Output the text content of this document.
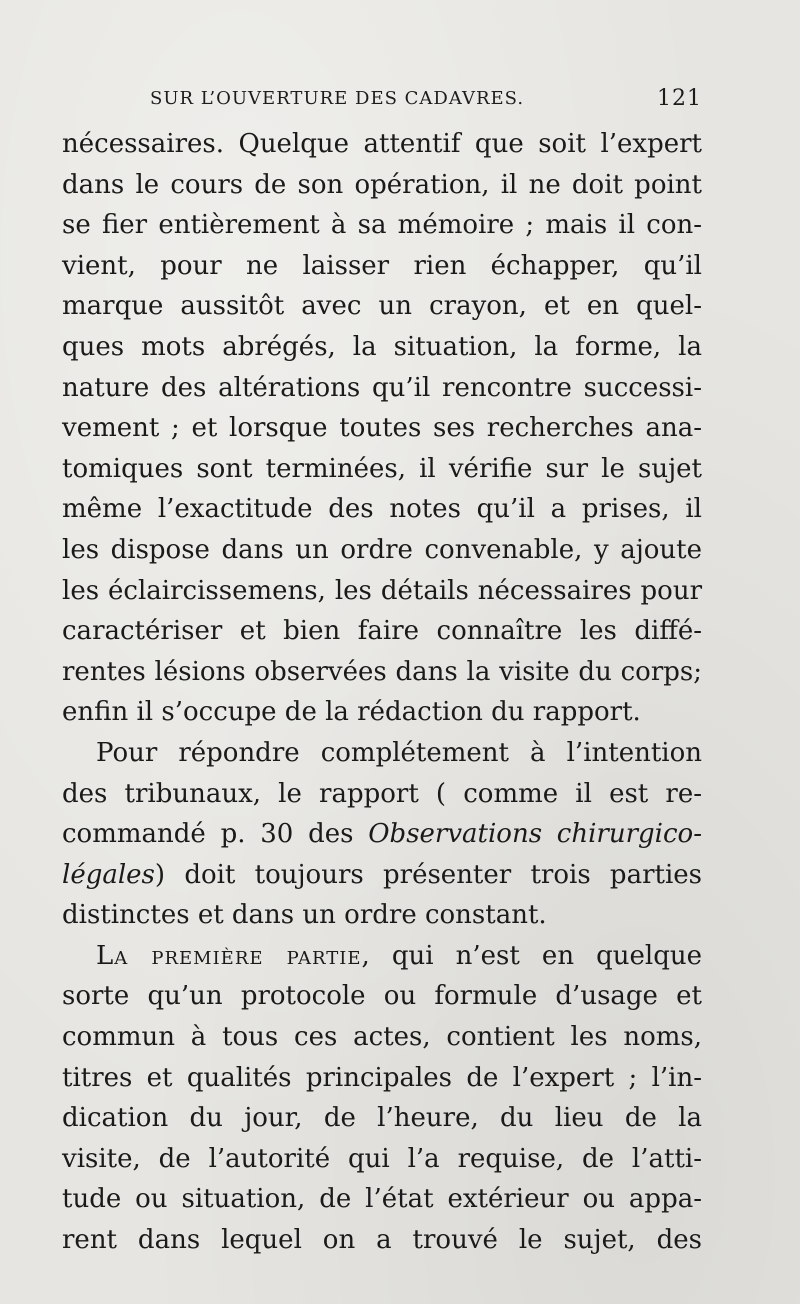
SUR L’OUVERTURE DES CADAVRES.	121
nécessaires. Quelque attentif que soit l’expert
dans le cours de son opération, il ne doit point
se fier entièrement à sa mémoire ; mais il con-
vient, pour ne laisser rien échapper, qu’il
marque aussitôt avec un crayon, et en quel-
ques mots abrégés, la situation, la forme, la
nature des altérations qu’il rencontre successi-
vement ; et lorsque toutes ses recherches ana-
tomiques sont terminées, il vérifie sur le sujet
même l’exactitude des notes qu’il a prises, il
les dispose dans un ordre convenable, y ajoute
les éclaircissemens, les détails nécessaires pour
caractériser et bien faire connaître les diffé-
rentes lésions observées dans la visite du corps;
enfin il s’occupe de la rédaction du rapport.
Pour répondre complétement à l’intention
des tribunaux, le rapport ( comme il est re-
commandé p. 30 des Observations chirurgico-
légales) doit toujours présenter trois parties
distinctes et dans un ordre constant.
La première partie, qui n’est en quelque
sorte qu’un protocole ou formule d’usage et
commun à tous ces actes, contient les noms,
titres et qualités principales de l’expert ; l’in-
dication du jour, de l’heure, du lieu de la
visite, de l’autorité qui l’a requise, de l’atti-
tude ou situation, de l’état extérieur ou appa-
rent dans lequel on a trouvé le sujet, des
